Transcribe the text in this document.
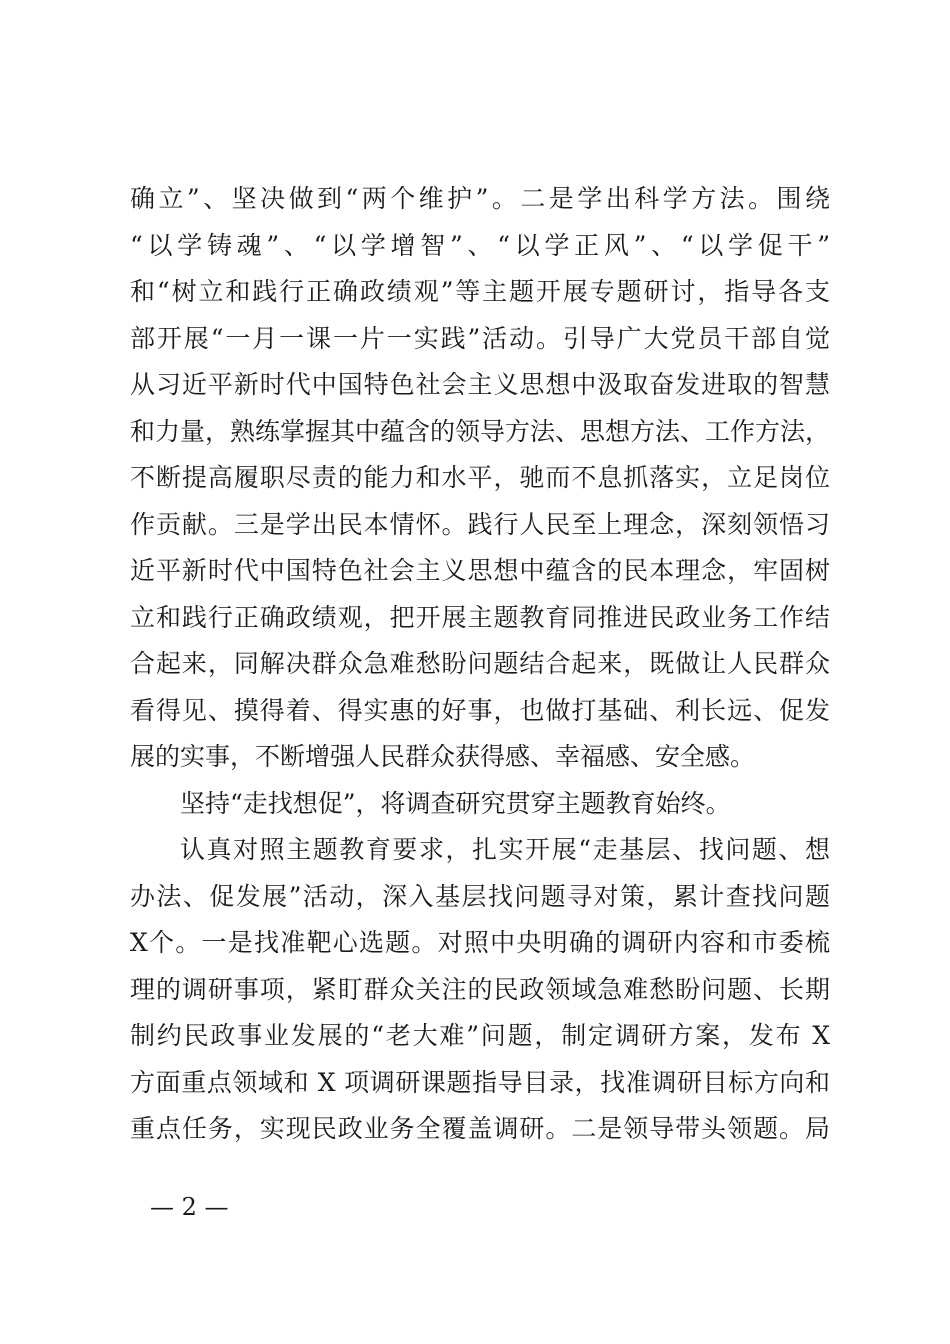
确立”、坚决做到“两个维护”。二是学出科学方法。围绕
“以学铸魂”、“以学增智”、“以学正风”、“以学促干”
和“树立和践行正确政绩观”等主题开展专题研讨，指导各支
部开展“一月一课一片一实践”活动。引导广大党员干部自觉
从习近平新时代中国特色社会主义思想中汲取奋发进取的智慧
和力量，熟练掌握其中蕴含的领导方法、思想方法、工作方法，
不断提高履职尽责的能力和水平，驰而不息抓落实，立足岗位
作贡献。三是学出民本情怀。践行人民至上理念，深刻领悟习
近平新时代中国特色社会主义思想中蕴含的民本理念，牢固树
立和践行正确政绩观，把开展主题教育同推进民政业务工作结
合起来，同解决群众急难愁盼问题结合起来，既做让人民群众
看得见、摸得着、得实惠的好事，也做打基础、利长远、促发
展的实事，不断增强人民群众获得感、幸福感、安全感。
坚持“走找想促”，将调查研究贯穿主题教育始终。
认真对照主题教育要求，扎实开展“走基层、找问题、想
办法、促发展”活动，深入基层找问题寻对策，累计查找问题
X个。一是找准靶心选题。对照中央明确的调研内容和市委梳
理的调研事项，紧盯群众关注的民政领域急难愁盼问题、长期
制约民政事业发展的“老大难”问题，制定调研方案，发布 X
方面重点领域和 X 项调研课题指导目录，找准调研目标方向和
重点任务，实现民政业务全覆盖调研。二是领导带头领题。局
— 2 —
